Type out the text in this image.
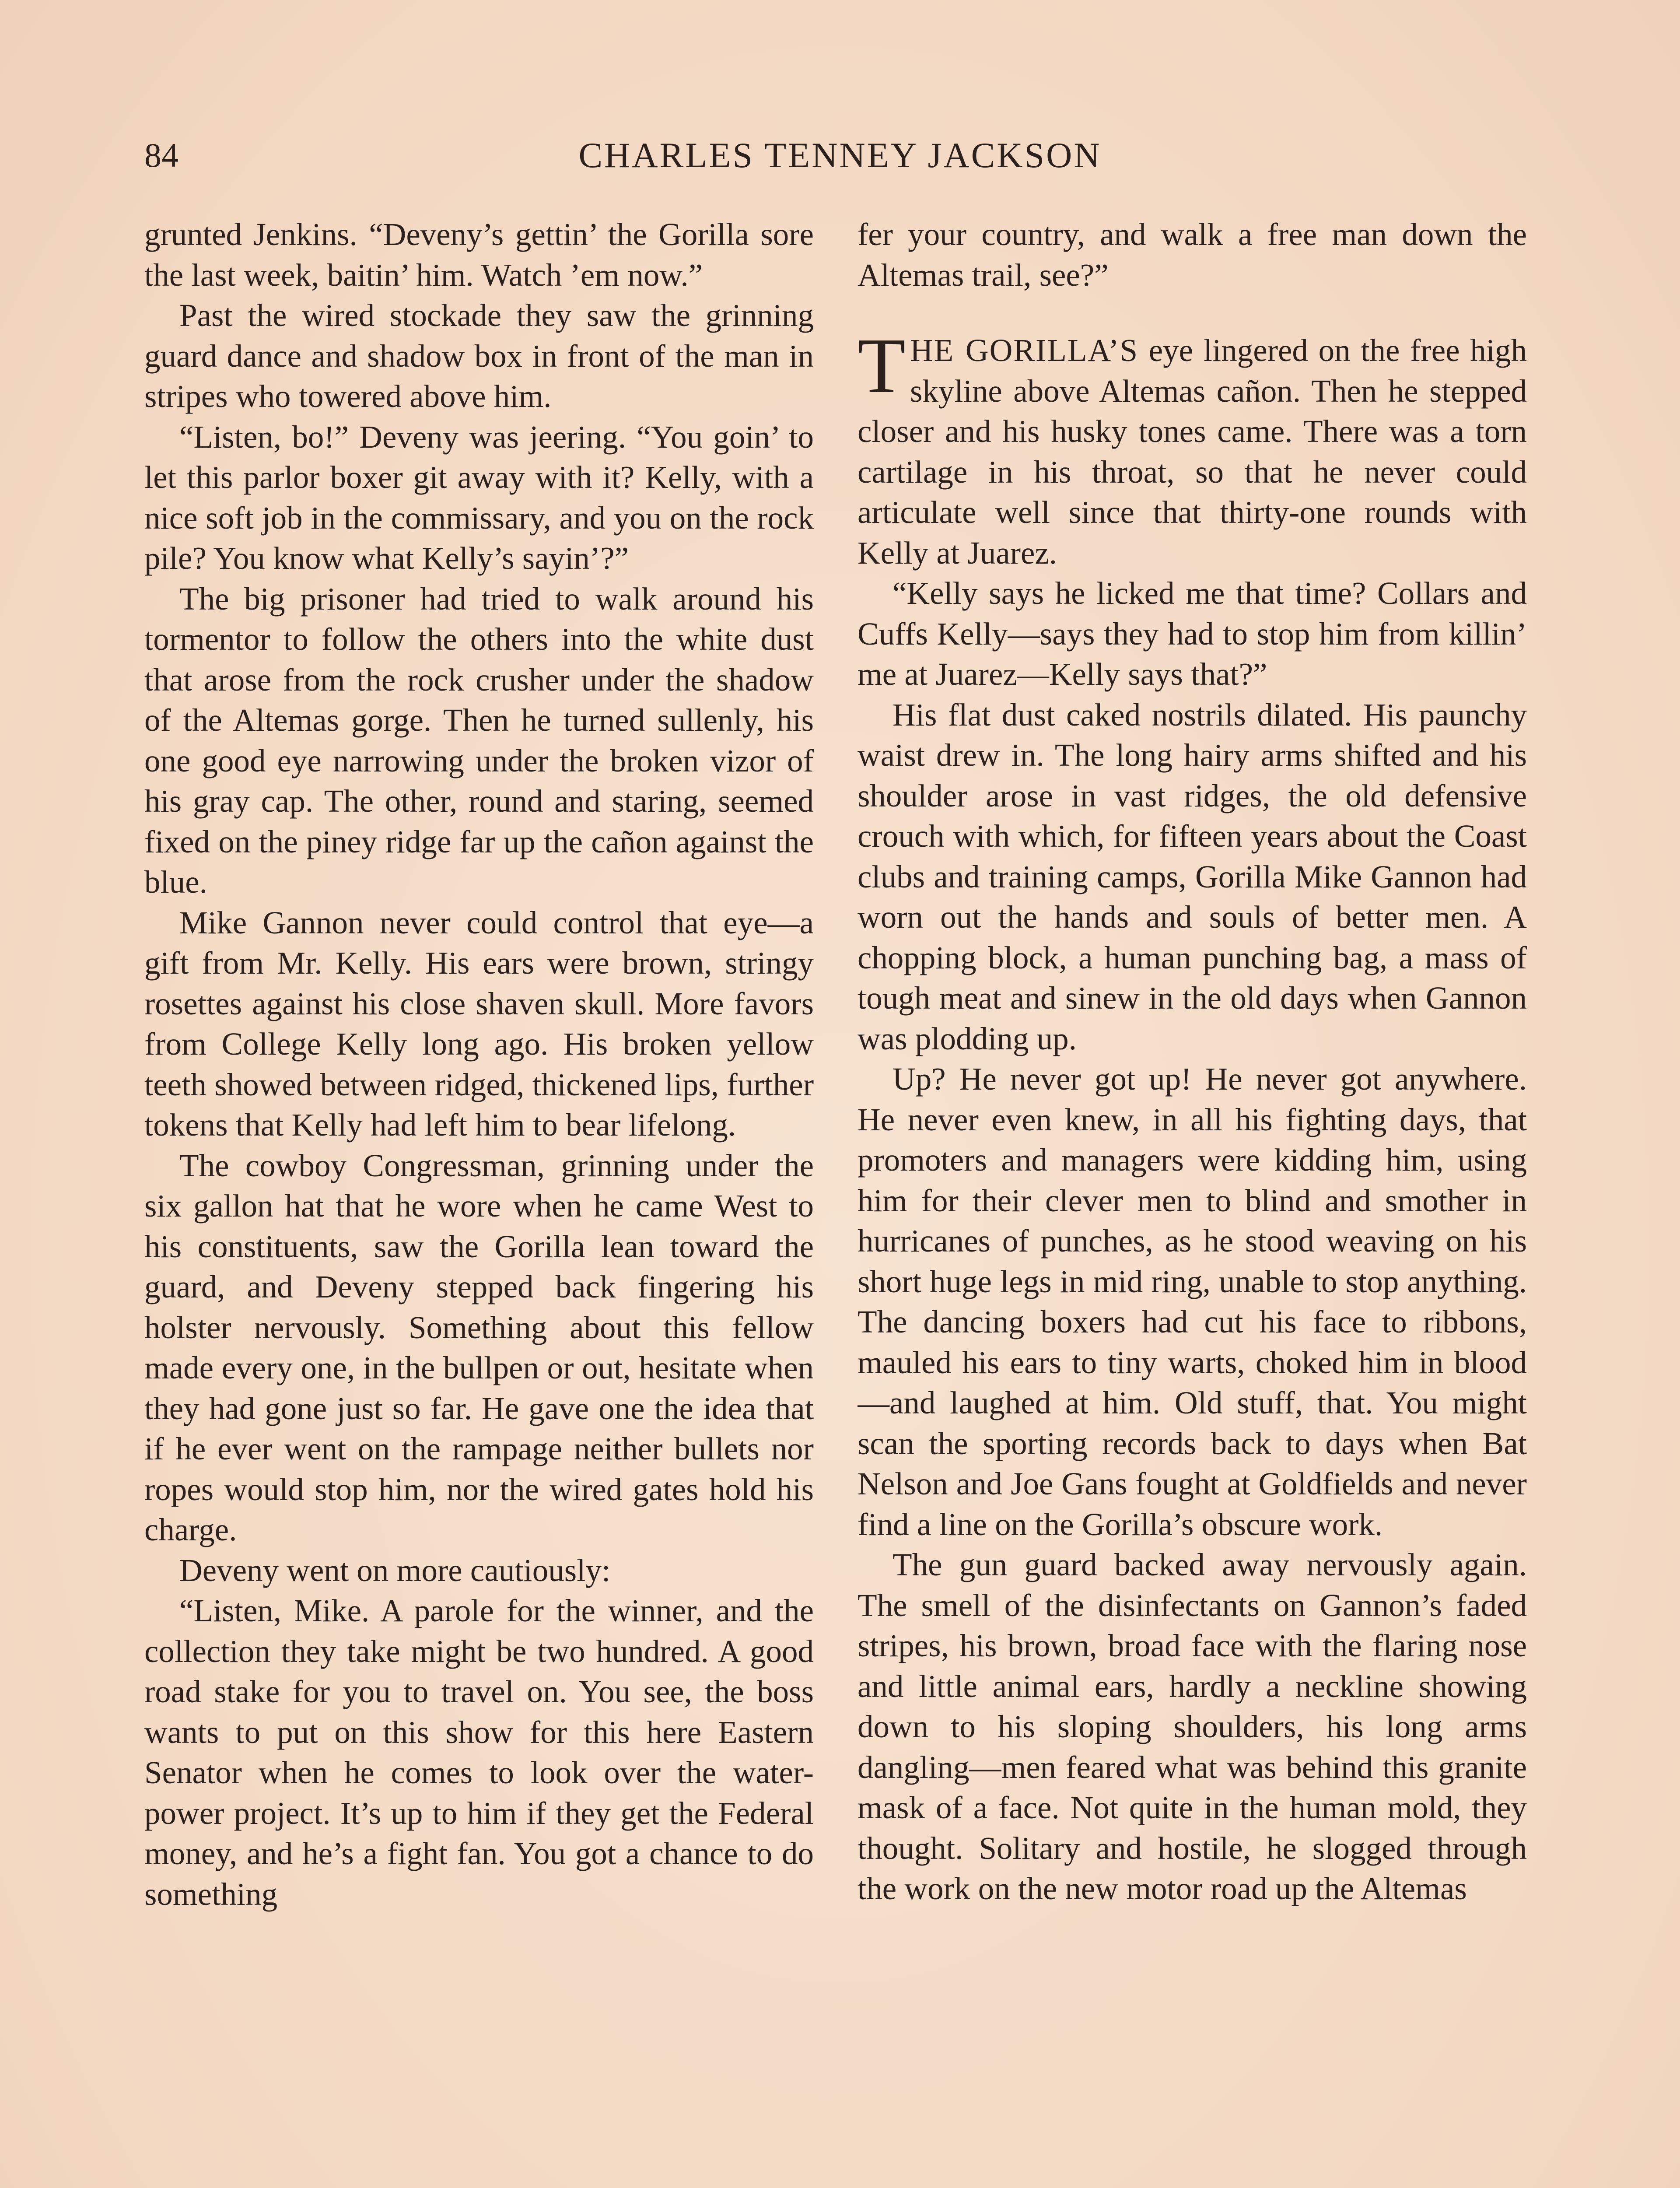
84	CHARLES TENNEY JACKSON

grunted Jenkins. “Deveny’s gettin’ the Gorilla sore the last week, baitin’ him. Watch ’em now.”

Past the wired stockade they saw the grinning guard dance and shadow box in front of the man in stripes who towered above him.

“Listen, bo!” Deveny was jeering. “You goin’ to let this parlor boxer git away with it? Kelly, with a nice soft job in the commissary, and you on the rock pile? You know what Kelly’s sayin’?”

The big prisoner had tried to walk around his tormentor to follow the others into the white dust that arose from the rock crusher under the shadow of the Altemas gorge. Then he turned sullenly, his one good eye narrowing under the broken vizor of his gray cap. The other, round and staring, seemed fixed on the piney ridge far up the cañon against the blue.

Mike Gannon never could control that eye—a gift from Mr. Kelly. His ears were brown, stringy rosettes against his close shaven skull. More favors from College Kelly long ago. His broken yellow teeth showed between ridged, thickened lips, further tokens that Kelly had left him to bear lifelong.

The cowboy Congressman, grinning under the six gallon hat that he wore when he came West to his constituents, saw the Gorilla lean toward the guard, and Deveny stepped back fingering his holster nervously. Something about this fellow made every one, in the bullpen or out, hesitate when they had gone just so far. He gave one the idea that if he ever went on the rampage neither bullets nor ropes would stop him, nor the wired gates hold his charge.

Deveny went on more cautiously:

“Listen, Mike. A parole for the winner, and the collection they take might be two hundred. A good road stake for you to travel on. You see, the boss wants to put on this show for this here Eastern Senator when he comes to look over the water-power project. It’s up to him if they get the Federal money, and he’s a fight fan. You got a chance to do something

fer your country, and walk a free man down the Altemas trail, see?”

THE GORILLA’S eye lingered on the free high skyline above Altemas cañon. Then he stepped closer and his husky tones came. There was a torn cartilage in his throat, so that he never could articulate well since that thirty-one rounds with Kelly at Juarez.

“Kelly says he licked me that time? Collars and Cuffs Kelly—says they had to stop him from killin’ me at Juarez—Kelly says that?”

His flat dust caked nostrils dilated. His paunchy waist drew in. The long hairy arms shifted and his shoulder arose in vast ridges, the old defensive crouch with which, for fifteen years about the Coast clubs and training camps, Gorilla Mike Gannon had worn out the hands and souls of better men. A chopping block, a human punching bag, a mass of tough meat and sinew in the old days when Gannon was plodding up.

Up? He never got up! He never got anywhere. He never even knew, in all his fighting days, that promoters and managers were kidding him, using him for their clever men to blind and smother in hurricanes of punches, as he stood weaving on his short huge legs in mid ring, unable to stop anything. The dancing boxers had cut his face to ribbons, mauled his ears to tiny warts, choked him in blood—and laughed at him. Old stuff, that. You might scan the sporting records back to days when Bat Nelson and Joe Gans fought at Goldfields and never find a line on the Gorilla’s obscure work.

The gun guard backed away nervously again. The smell of the disinfectants on Gannon’s faded stripes, his brown, broad face with the flaring nose and little animal ears, hardly a neckline showing down to his sloping shoulders, his long arms dangling—men feared what was behind this granite mask of a face. Not quite in the human mold, they thought. Solitary and hostile, he slogged through the work on the new motor road up the Altemas
